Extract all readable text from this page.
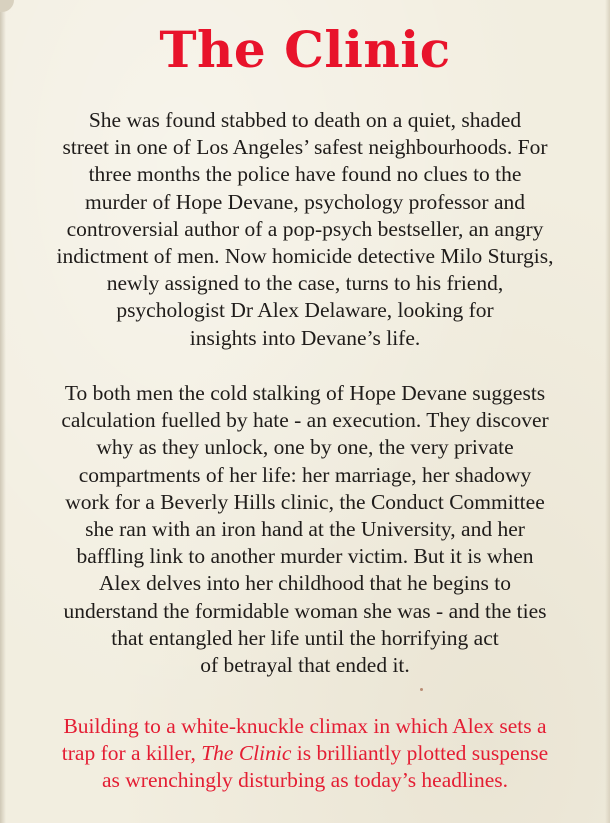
The Clinic

She was found stabbed to death on a quiet, shaded
street in one of Los Angeles’ safest neighbourhoods. For
three months the police have found no clues to the
murder of Hope Devane, psychology professor and
controversial author of a pop-psych bestseller, an angry
indictment of men. Now homicide detective Milo Sturgis,
newly assigned to the case, turns to his friend,
psychologist Dr Alex Delaware, looking for
insights into Devane’s life.

To both men the cold stalking of Hope Devane suggests
calculation fuelled by hate - an execution. They discover
why as they unlock, one by one, the very private
compartments of her life: her marriage, her shadowy
work for a Beverly Hills clinic, the Conduct Committee
she ran with an iron hand at the University, and her
baffling link to another murder victim. But it is when
Alex delves into her childhood that he begins to
understand the formidable woman she was - and the ties
that entangled her life until the horrifying act
of betrayal that ended it.

Building to a white-knuckle climax in which Alex sets a
trap for a killer, The Clinic is brilliantly plotted suspense
as wrenchingly disturbing as today’s headlines.
